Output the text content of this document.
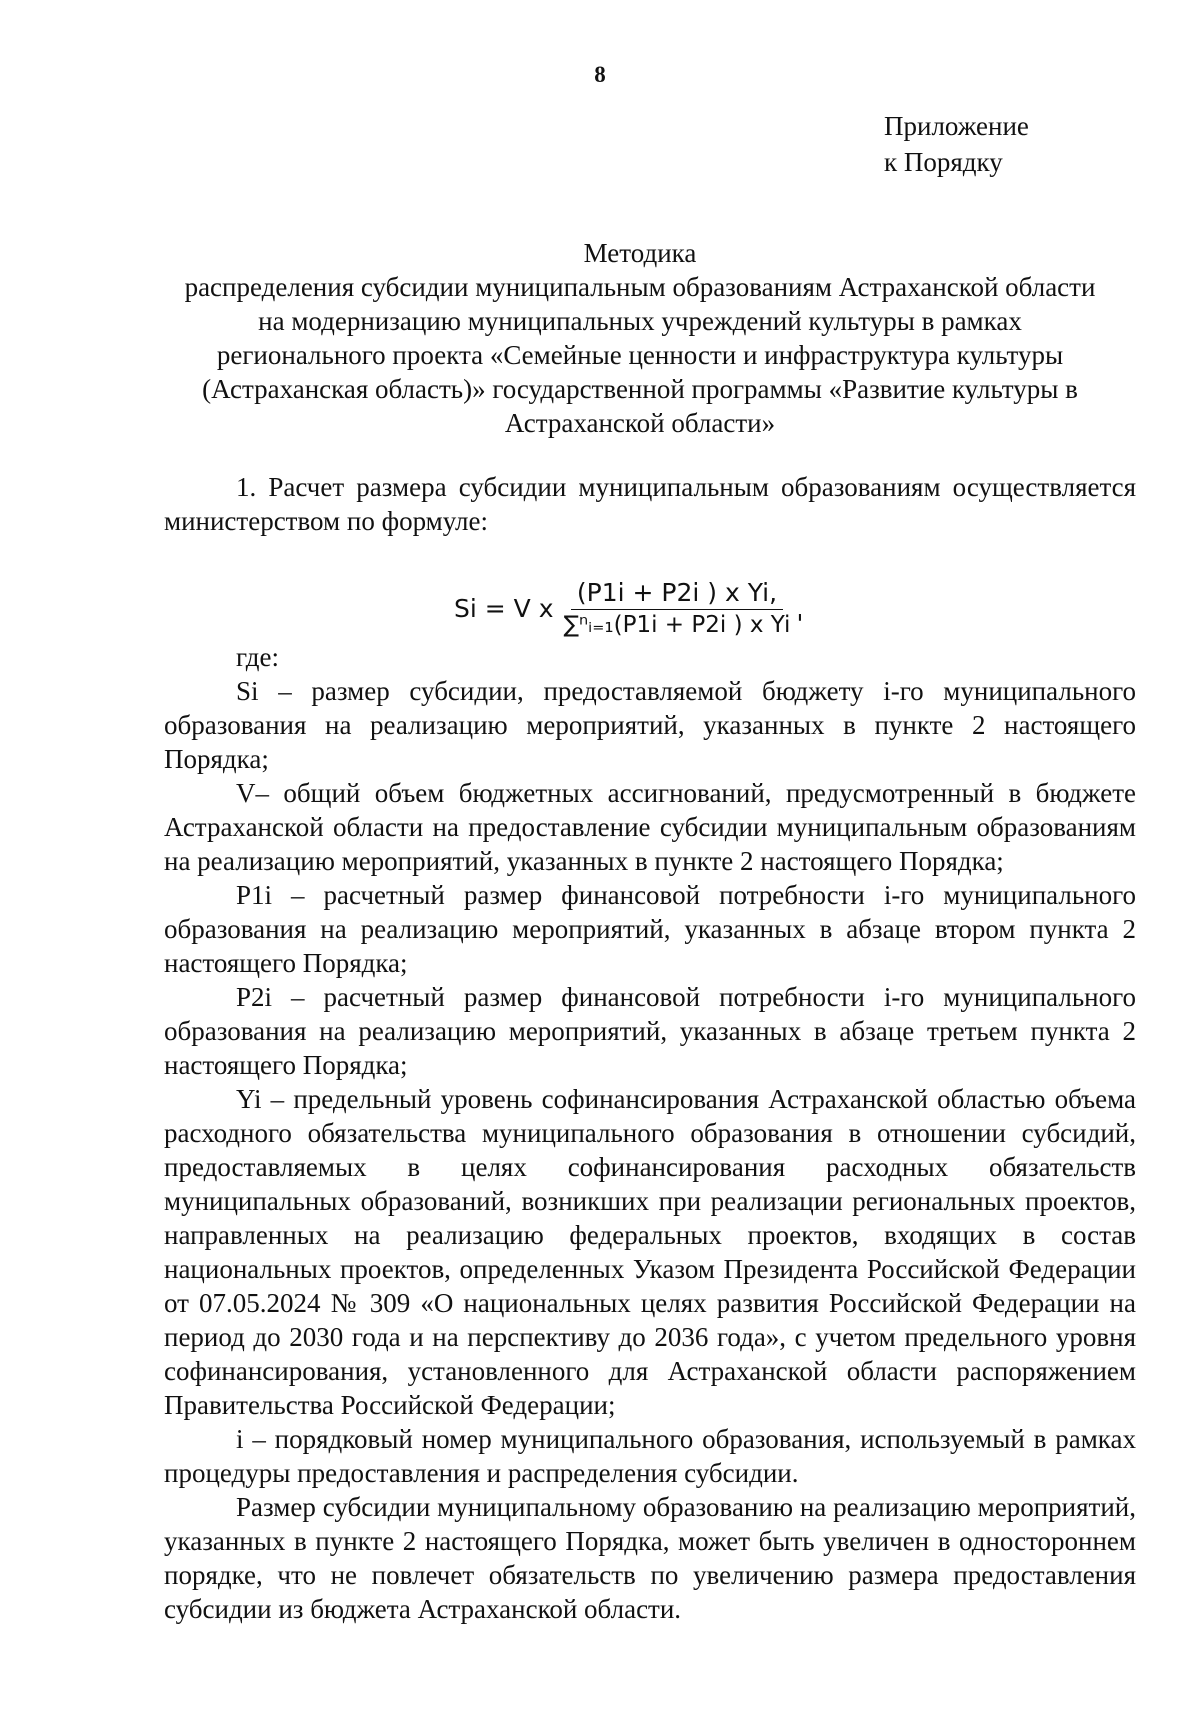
8
Приложение
к Порядку
Методика
распределения субсидии муниципальным образованиям Астраханской области
на модернизацию муниципальных учреждений культуры в рамках
регионального проекта «Семейные ценности и инфраструктура культуры
(Астраханская область)» государственной программы «Развитие культуры в
Астраханской области»

1. Расчет размера субсидии муниципальным образованиям осуществляется министерством по формуле:

Si = V x $\frac{\text{(P1i + P2i ) x Yi,}}{\text{∑ⁿᵢ₌₁(P1i + P2i ) x Yi}}$ '
где:

Si – размер субсидии, предоставляемой бюджету i-го муниципального образования на реализацию мероприятий, указанных в пункте 2 настоящего Порядка;

V– общий объем бюджетных ассигнований, предусмотренный в бюджете Астраханской области на предоставление субсидии муниципальным образованиям на реализацию мероприятий, указанных в пункте 2 настоящего Порядка;

P1i – расчетный размер финансовой потребности i-го муниципального образования на реализацию мероприятий, указанных в абзаце втором пункта 2 настоящего Порядка;

P2i – расчетный размер финансовой потребности i-го муниципального образования на реализацию мероприятий, указанных в абзаце третьем пункта 2 настоящего Порядка;

Yi – предельный уровень софинансирования Астраханской областью объема расходного обязательства муниципального образования в отношении субсидий, предоставляемых в целях софинансирования расходных обязательств муниципальных образований, возникших при реализации региональных проектов, направленных на реализацию федеральных проектов, входящих в состав национальных проектов, определенных Указом Президента Российской Федерации от 07.05.2024 № 309 «О национальных целях развития Российской Федерации на период до 2030 года и на перспективу до 2036 года», с учетом предельного уровня софинансирования, установленного для Астраханской области распоряжением Правительства Российской Федерации;

i – порядковый номер муниципального образования, используемый в рамках процедуры предоставления и распределения субсидии.

Размер субсидии муниципальному образованию на реализацию мероприятий, указанных в пункте 2 настоящего Порядка, может быть увеличен в одностороннем порядке, что не повлечет обязательств по увеличению размера предоставления субсидии из бюджета Астраханской области.
